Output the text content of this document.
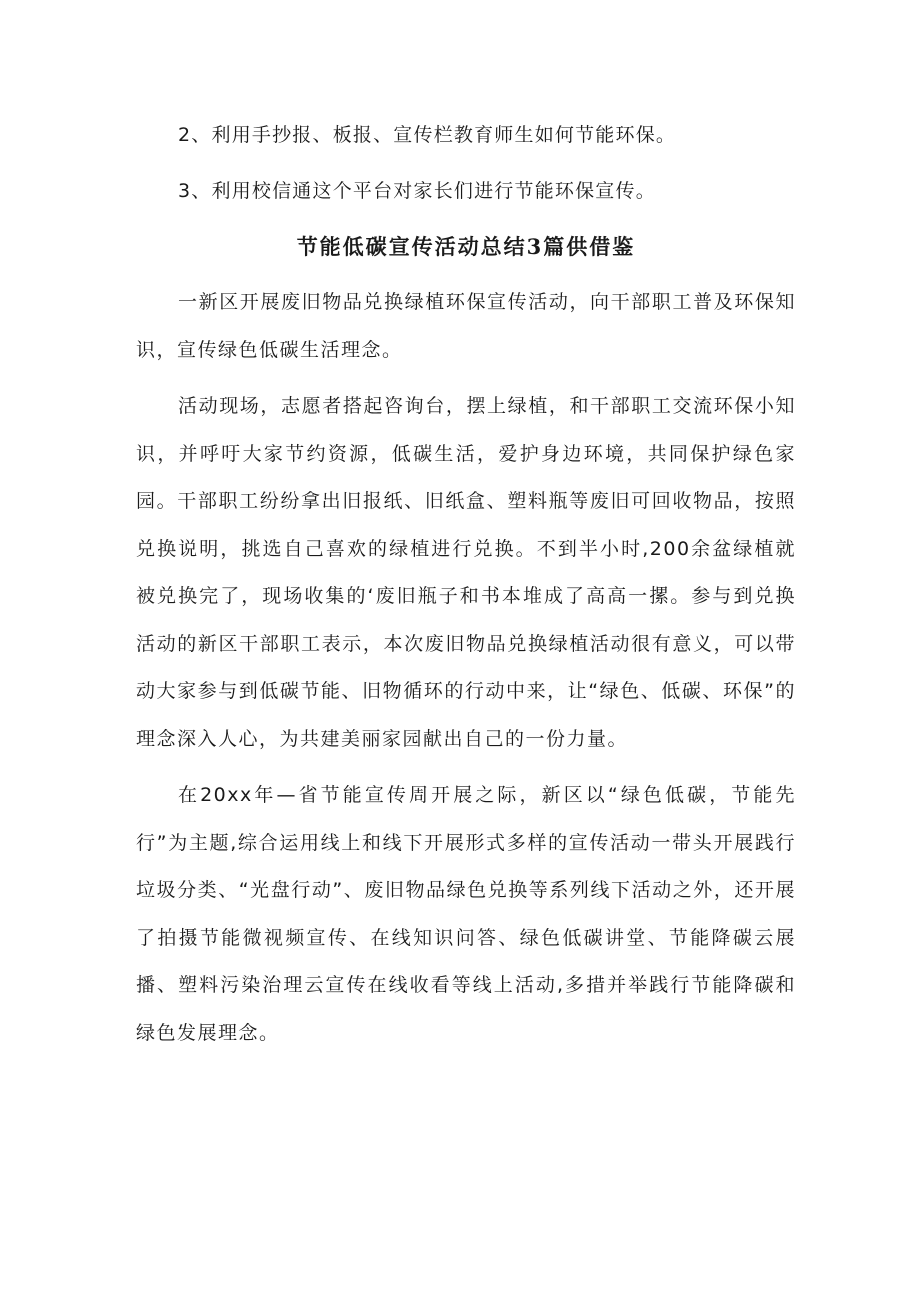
2、利用手抄报、板报、宣传栏教育师生如何节能环保。

3、利用校信通这个平台对家长们进行节能环保宣传。

节能低碳宣传活动总结3篇供借鉴

一新区开展废旧物品兑换绿植环保宣传活动，向干部职工普及环保知识，宣传绿色低碳生活理念。

活动现场，志愿者搭起咨询台，摆上绿植，和干部职工交流环保小知识，并呼吁大家节约资源，低碳生活，爱护身边环境，共同保护绿色家园。干部职工纷纷拿出旧报纸、旧纸盒、塑料瓶等废旧可回收物品，按照兑换说明，挑选自己喜欢的绿植进行兑换。不到半小时,200余盆绿植就被兑换完了，现场收集的‘废旧瓶子和书本堆成了高高一摞。参与到兑换活动的新区干部职工表示，本次废旧物品兑换绿植活动很有意义，可以带动大家参与到低碳节能、旧物循环的行动中来，让“绿色、低碳、环保”的理念深入人心，为共建美丽家园献出自己的一份力量。

在20xx年—省节能宣传周开展之际，新区以“绿色低碳，节能先行”为主题,综合运用线上和线下开展形式多样的宣传活动一带头开展践行垃圾分类、“光盘行动”、废旧物品绿色兑换等系列线下活动之外，还开展了拍摄节能微视频宣传、在线知识问答、绿色低碳讲堂、节能降碳云展播、塑料污染治理云宣传在线收看等线上活动,多措并举践行节能降碳和绿色发展理念。
